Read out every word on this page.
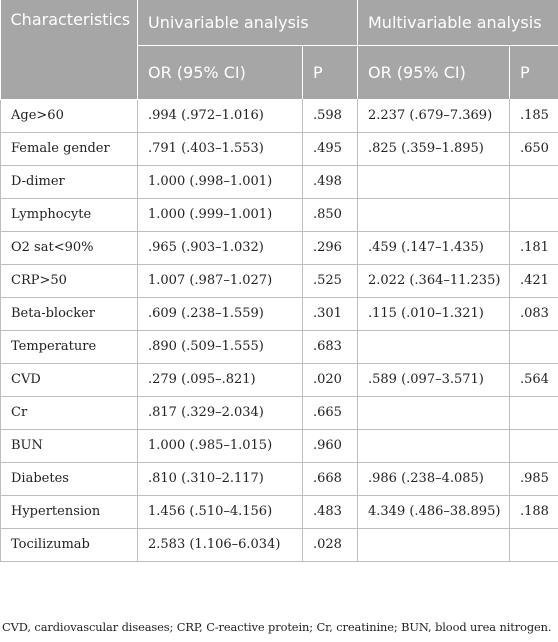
Characteristics	Univariable analysis		Multivariable analysis	
	OR (95% CI)	P	OR (95% CI)	P
Age>60	.994 (.972–1.016)	.598	2.237 (.679–7.369)	.185
Female gender	.791 (.403–1.553)	.495	.825 (.359–1.895)	.650
D-dimer	1.000 (.998–1.001)	.498		
Lymphocyte	1.000 (.999–1.001)	.850		
O2 sat<90%	.965 (.903–1.032)	.296	.459 (.147–1.435)	.181
CRP>50	1.007 (.987–1.027)	.525	2.022 (.364–11.235)	.421
Beta-blocker	.609 (.238–1.559)	.301	.115 (.010–1.321)	.083
Temperature	.890 (.509–1.555)	.683		
CVD	.279 (.095–.821)	.020	.589 (.097–3.571)	.564
Cr	.817 (.329–2.034)	.665		
BUN	1.000 (.985–1.015)	.960		
Diabetes	.810 (.310–2.117)	.668	.986 (.238–4.085)	.985
Hypertension	1.456 (.510–4.156)	.483	4.349 (.486–38.895)	.188
Tocilizumab	2.583 (1.106–6.034)	.028		
CVD, cardiovascular diseases; CRP, C-reactive protein; Cr, creatinine; BUN, blood urea nitrogen.
